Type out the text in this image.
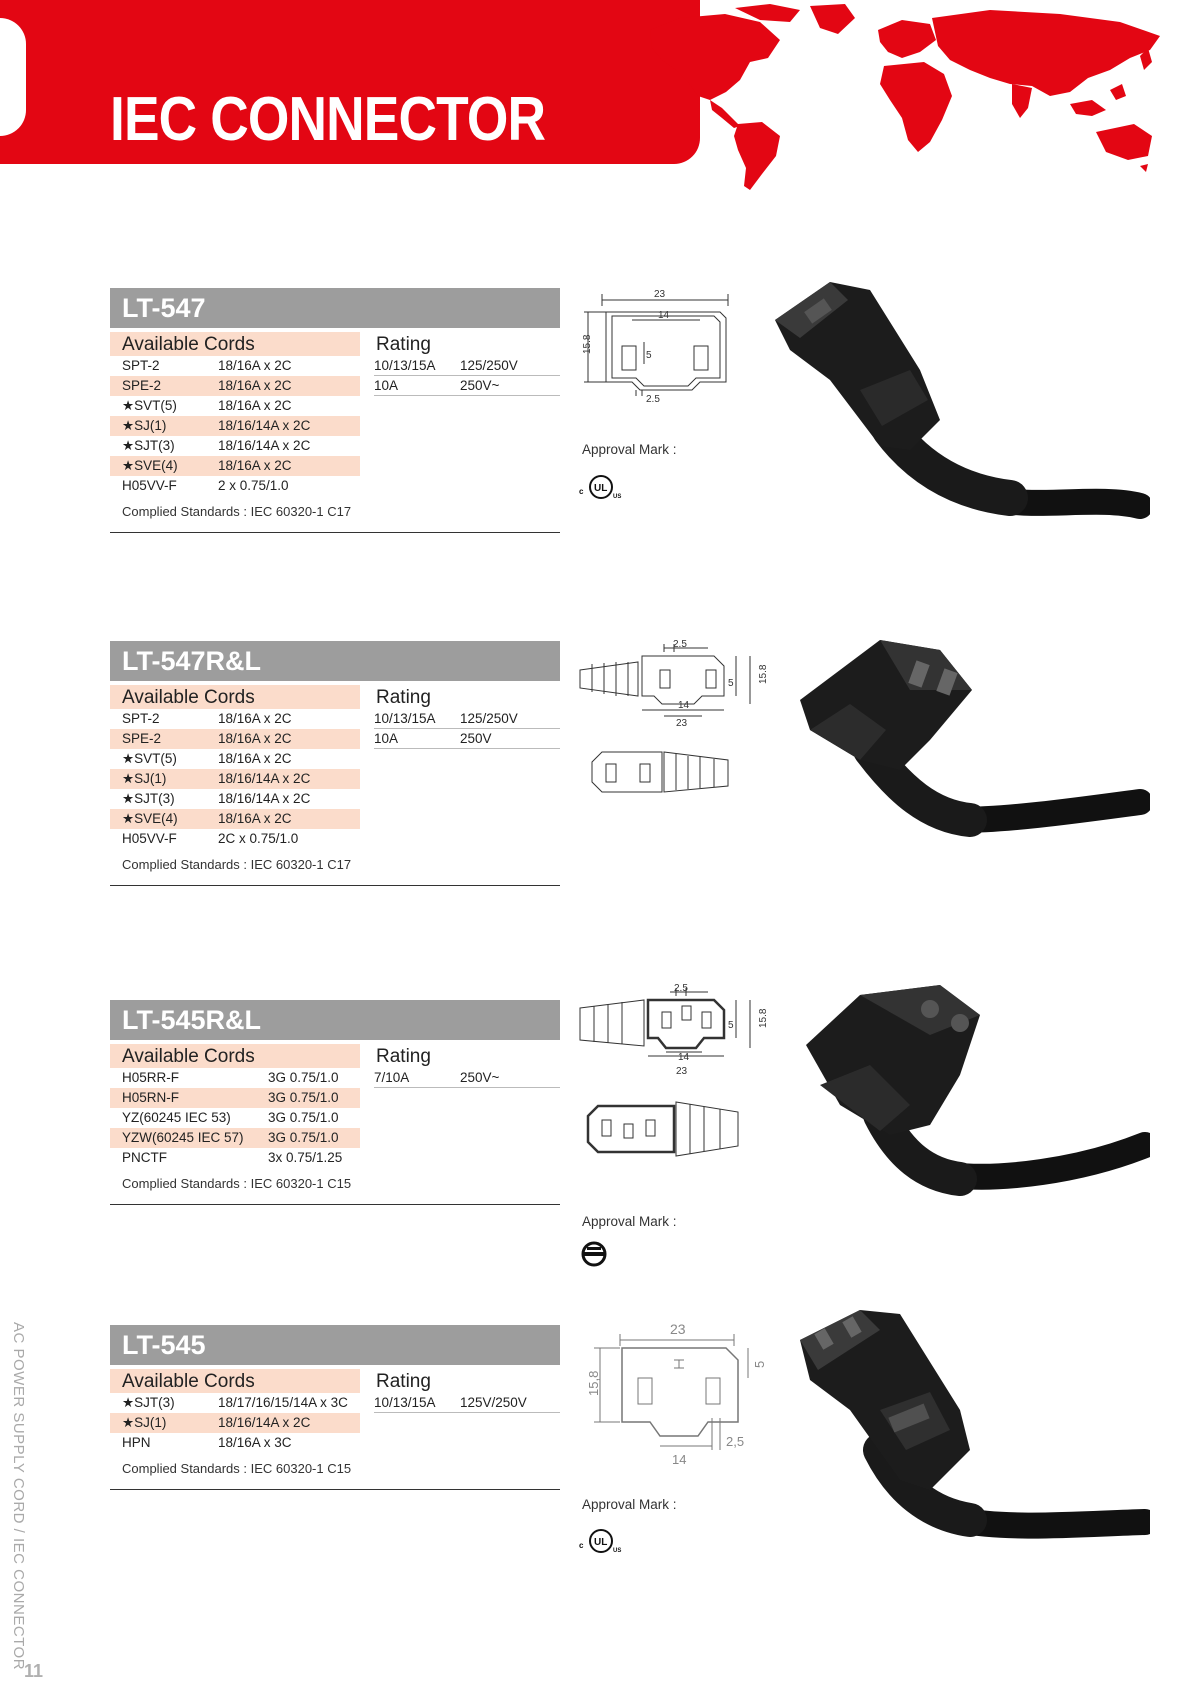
IEC CONNECTOR
LT-547
Available Cords	Rating
SPT-2	18/16A x 2C
SPE-2	18/16A x 2C
★SVT(5)	18/16A x 2C
★SJ(1)	18/16/14A x 2C
★SJT(3)	18/16/14A x 2C
★SVE(4)	18/16A x 2C
H05VV-F	2 x 0.75/1.0
10/13/15A	125/250V
10A	250V~
Complied Standards : IEC 60320-1 C17
23
14
15.8
5
2.5
Approval Mark :
UL
c
US
LT-547R&L
Available Cords	Rating
SPT-2	18/16A x 2C
SPE-2	18/16A x 2C
★SVT(5)	18/16A x 2C
★SJ(1)	18/16/14A x 2C
★SJT(3)	18/16/14A x 2C
★SVE(4)	18/16A x 2C
H05VV-F	2C x 0.75/1.0
10/13/15A	125/250V
10A	250V
Complied Standards : IEC 60320-1 C17
2.5
14
23
5 15.8
LT-545R&L
Available Cords	Rating
H05RR-F	3G 0.75/1.0
H05RN-F	3G 0.75/1.0
YZ(60245 IEC 53)	3G 0.75/1.0
YZW(60245 IEC 57)	3G 0.75/1.0
PNCTF	3x 0.75/1.25
7/10A	250V~
Complied Standards : IEC 60320-1 C15
2.5
14
23
5 15.8
Approval Mark :
LT-545
Available Cords	Rating
★SJT(3)	18/17/16/15/14A x 3C
★SJ(1)	18/16/14A x 2C
HPN	18/16A x 3C
10/13/15A	125V/250V
Complied Standards : IEC 60320-1 C15
23
15,8
5
2,5
14
Approval Mark :
UL
c
US
AC POWER SUPPLY CORD / IEC CONNECTOR
11
